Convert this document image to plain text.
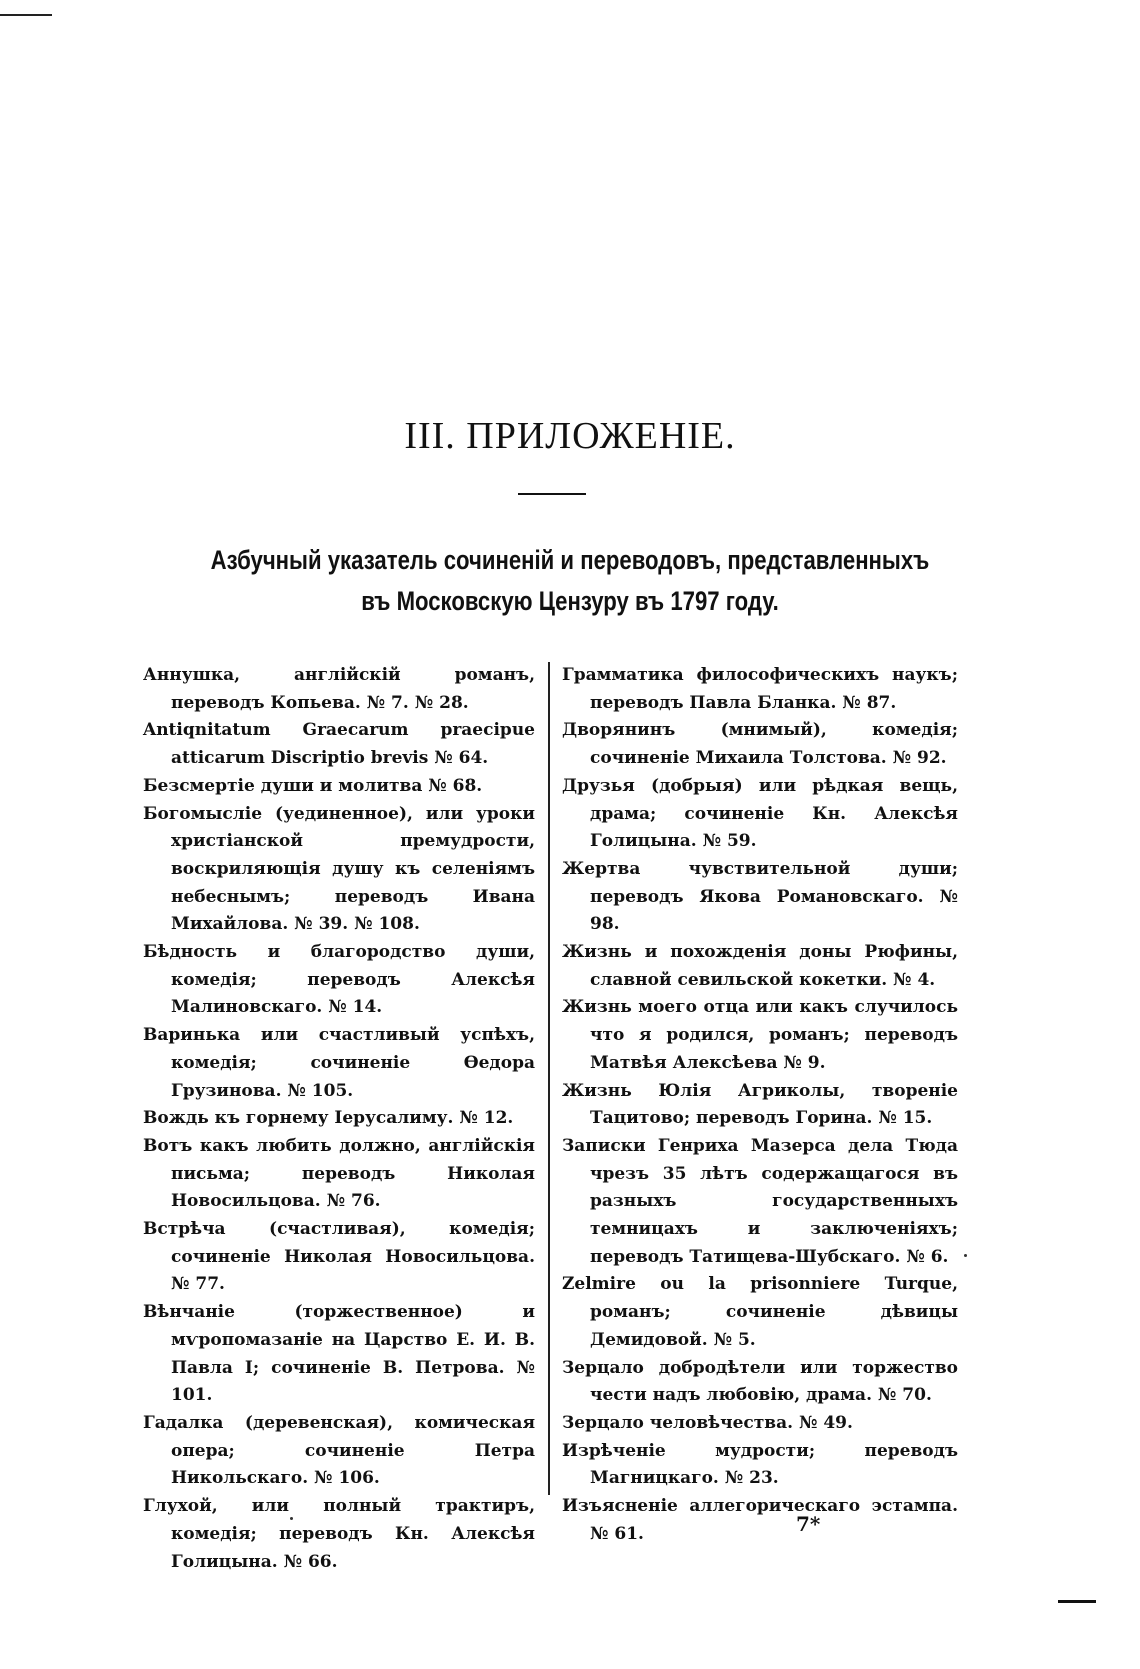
III. ПРИЛОЖЕНІЕ.
Азбучный указатель сочиненій и переводовъ, представленныхъ
въ Московскую Цензуру въ 1797 году.

Аннушка, англійскій романъ, переводъ Копьева. № 7. № 28.

Antiqnitatum Graecarum praecipue atticarum Discriptio brevis № 64.

Безсмертіе души и молитва № 68.

Богомысліе (уединенное), или уроки христіанской премудрости, воскриляющія душу къ селеніямъ небеснымъ; переводъ Ивана Михайлова. № 39. № 108.

Бѣдность и благородство души, комедія; переводъ Алексѣя Малиновскаго. № 14.

Варинька или счастливый успѣхъ, комедія; сочиненіе Ѳедора Грузинова. № 105.

Вождь къ горнему Іерусалиму. № 12.

Вотъ какъ любить должно, англійскія письма; переводъ Николая Новосильцова. № 76.

Встрѣча (счастливая), комедія; сочиненіе Николая Новосильцова. № 77.

Вѣнчаніе (торжественное) и мѵропомазаніе на Царство Е. И. В. Павла I; сочиненіе В. Петрова. № 101.

Гадалка (деревенская), комическая опера; сочиненіе Петра Никольскаго. № 106.

Глухой, или полный трактиръ, комедія; переводъ Кн. Алексѣя Голицына. № 66.

Грамматика философическихъ наукъ; переводъ Павла Бланка. № 87.

Дворянинъ (мнимый), комедія; сочиненіе Михаила Толстова. № 92.

Друзья (добрыя) или рѣдкая вещь, драма; сочиненіе Кн. Алексѣя Голицына. № 59.

Жертва чувствительной души; переводъ Якова Романовскаго. № 98.

Жизнь и похожденія доны Рюфины, славной севильской кокетки. № 4.

Жизнь моего отца или какъ случилось что я родился, романъ; переводъ Матвѣя Алексѣева № 9.

Жизнь Юлія Агриколы, твореніе Тацитово; переводъ Горина. № 15.

Записки Генриха Мазерса дела Тюда чрезъ 35 лѣтъ содержащагося въ разныхъ государственныхъ темницахъ и заключеніяхъ; переводъ Татищева-Шубскаго. № 6.

Zelmire ou la prisonniere Turque, романъ; сочиненіе дѣвицы Демидовой. № 5.

Зерцало добродѣтели или торжество чести надъ любовію, драма. № 70.

Зерцало человѣчества. № 49.

Изрѣченіе мудрости; переводъ Магницкаго. № 23.

Изъясненіе аллегорическаго эстампа. № 61.	7*
